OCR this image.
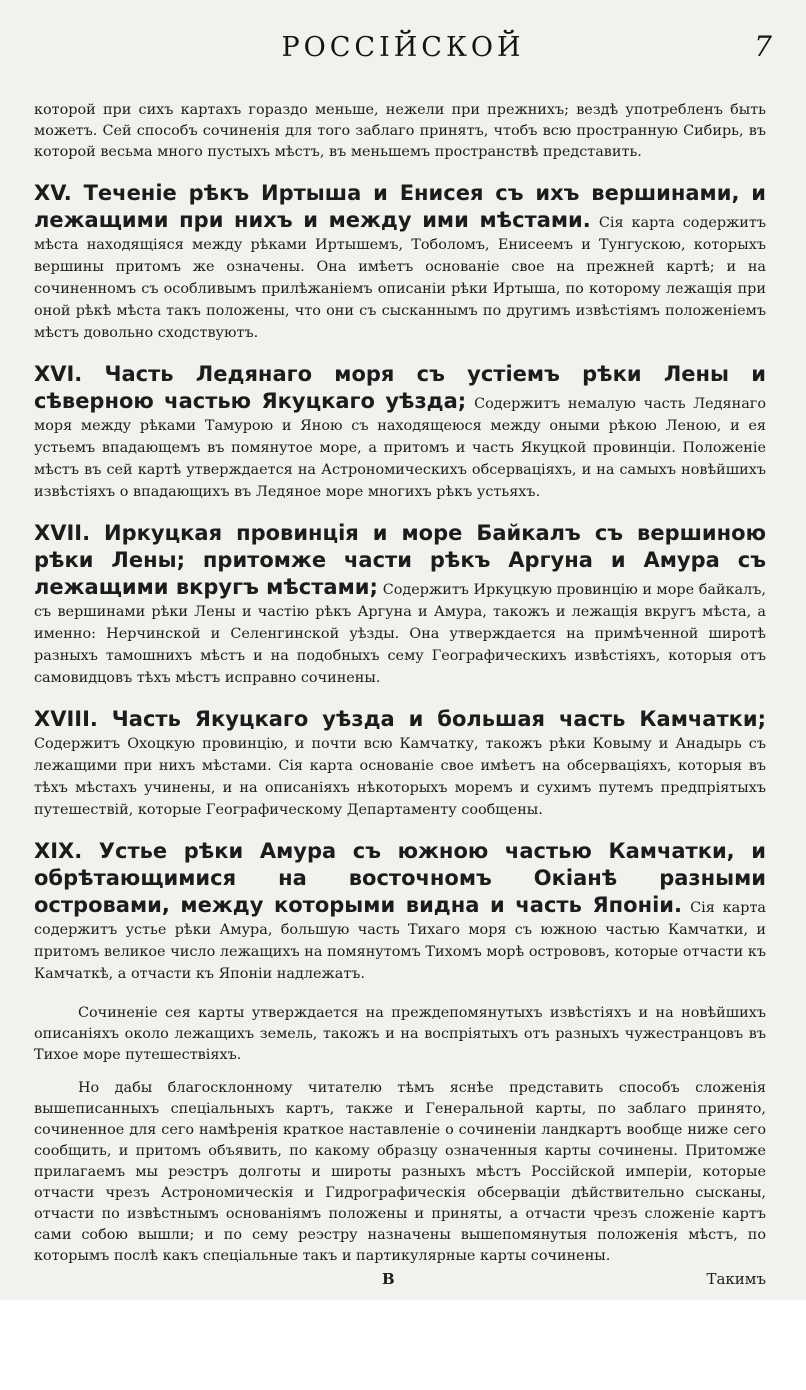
РОССІЙСКОЙ	7

которой при сихъ картахъ гораздо меньше, нежели при прежнихъ; вездѣ употребленъ быть можетъ. Сей способъ сочиненія для того заблаго принятъ, чтобъ всю пространную Сибирь, въ которой весьма много пустыхъ мѣстъ, въ меньшемъ пространствѣ представить.

XV. Теченіе рѣкъ Иртыша и Енисея съ ихъ вершинами, и лежащими при нихъ и между ими мѣстами. Сія карта содержитъ мѣста находящіяся между рѣками Иртышемъ, Тоболомъ, Енисеемъ и Тунгускою, которыхъ вершины притомъ же означены. Она имѣетъ основаніе свое на прежней картѣ; и на сочиненномъ съ особливымъ прилѣжаніемъ описаніи рѣки Иртыша, по которому лежащія при оной рѣкѣ мѣста такъ положены, что они съ сысканнымъ по другимъ извѣстіямъ положеніемъ мѣстъ довольно сходствуютъ.

XVI. Часть Ледянаго моря съ устіемъ рѣки Лены и сѣверною частью Якуцкаго уѣзда; Содержитъ немалую часть Ледянаго моря между рѣками Тамурою и Яною съ находящеюся между оными рѣкою Леною, и ея устьемъ впадающемъ въ помянутое море, а притомъ и часть Якуцкой провинціи. Положеніе мѣстъ въ сей картѣ утверждается на Астрономическихъ обсерваціяхъ, и на самыхъ новѣйшихъ извѣстіяхъ о впадающихъ въ Ледяное море многихъ рѣкъ устьяхъ.

XVII. Иркуцкая провинція и море Байкалъ съ вершиною рѣки Лены; притомже части рѣкъ Аргуна и Амура съ лежащими вкругъ мѣстами; Содержитъ Иркуцкую провинцію и море байкалъ, съ вершинами рѣки Лены и частію рѣкъ Аргуна и Амура, такожъ и лежащія вкругъ мѣста, а именно: Нерчинской и Селенгинской уѣзды. Она утверждается на примѣченной широтѣ разныхъ тамошнихъ мѣстъ и на подобныхъ сему Географическихъ извѣстіяхъ, которыя отъ самовидцовъ тѣхъ мѣстъ исправно сочинены.

XVIII. Часть Якуцкаго уѣзда и большая часть Камчатки; Содержитъ Охоцкую провинцію, и почти всю Камчатку, такожъ рѣки Ковыму и Анадырь съ лежащими при нихъ мѣстами. Сія карта основаніе свое имѣетъ на обсерваціяхъ, которыя въ тѣхъ мѣстахъ учинены, и на описаніяхъ нѣкоторыхъ моремъ и сухимъ путемъ предпріятыхъ путешествій, которые Географическому Департаменту сообщены.

XIX. Устье рѣки Амура съ южною частью Камчатки, и обрѣтающимися на восточномъ Окіанѣ разными островами, между которыми видна и часть Японіи. Сія карта содержитъ устье рѣки Амура, большую часть Тихаго моря съ южною частью Камчатки, и притомъ великое число лежащихъ на помянутомъ Тихомъ морѣ острововъ, которые отчасти къ Камчаткѣ, а отчасти къ Японіи надлежатъ.

Сочиненіе сея карты утверждается на преждепомянутыхъ извѣстіяхъ и на новѣйшихъ описаніяхъ около лежащихъ земель, такожъ и на воспріятыхъ отъ разныхъ чужестранцовъ въ Тихое море путешествіяхъ.

Но дабы благосклонному читателю тѣмъ яснѣе представить способъ сложенія вышеписанныхъ спеціальныхъ картъ, также и Генеральной карты, по заблаго принято, сочиненное для сего намѣренія краткое наставленіе о сочиненіи ландкартъ вообще ниже сего сообщить, и притомъ объявить, по какому образцу означенныя карты сочинены. Притомже прилагаемъ мы реэстръ долготы и широты разныхъ мѣстъ Россійской имперіи, которые отчасти чрезъ Астрономическія и Гидрографическія обсерваціи дѣйствительно сысканы, отчасти по извѣстнымъ основаніямъ положены и приняты, а отчасти чрезъ сложеніе картъ сами собою вышли; и по сему реэстру назначены вышепомянутыя положенія мѣстъ, по которымъ послѣ какъ спеціальные такъ и партикулярные карты сочинены.

В	Такимъ
